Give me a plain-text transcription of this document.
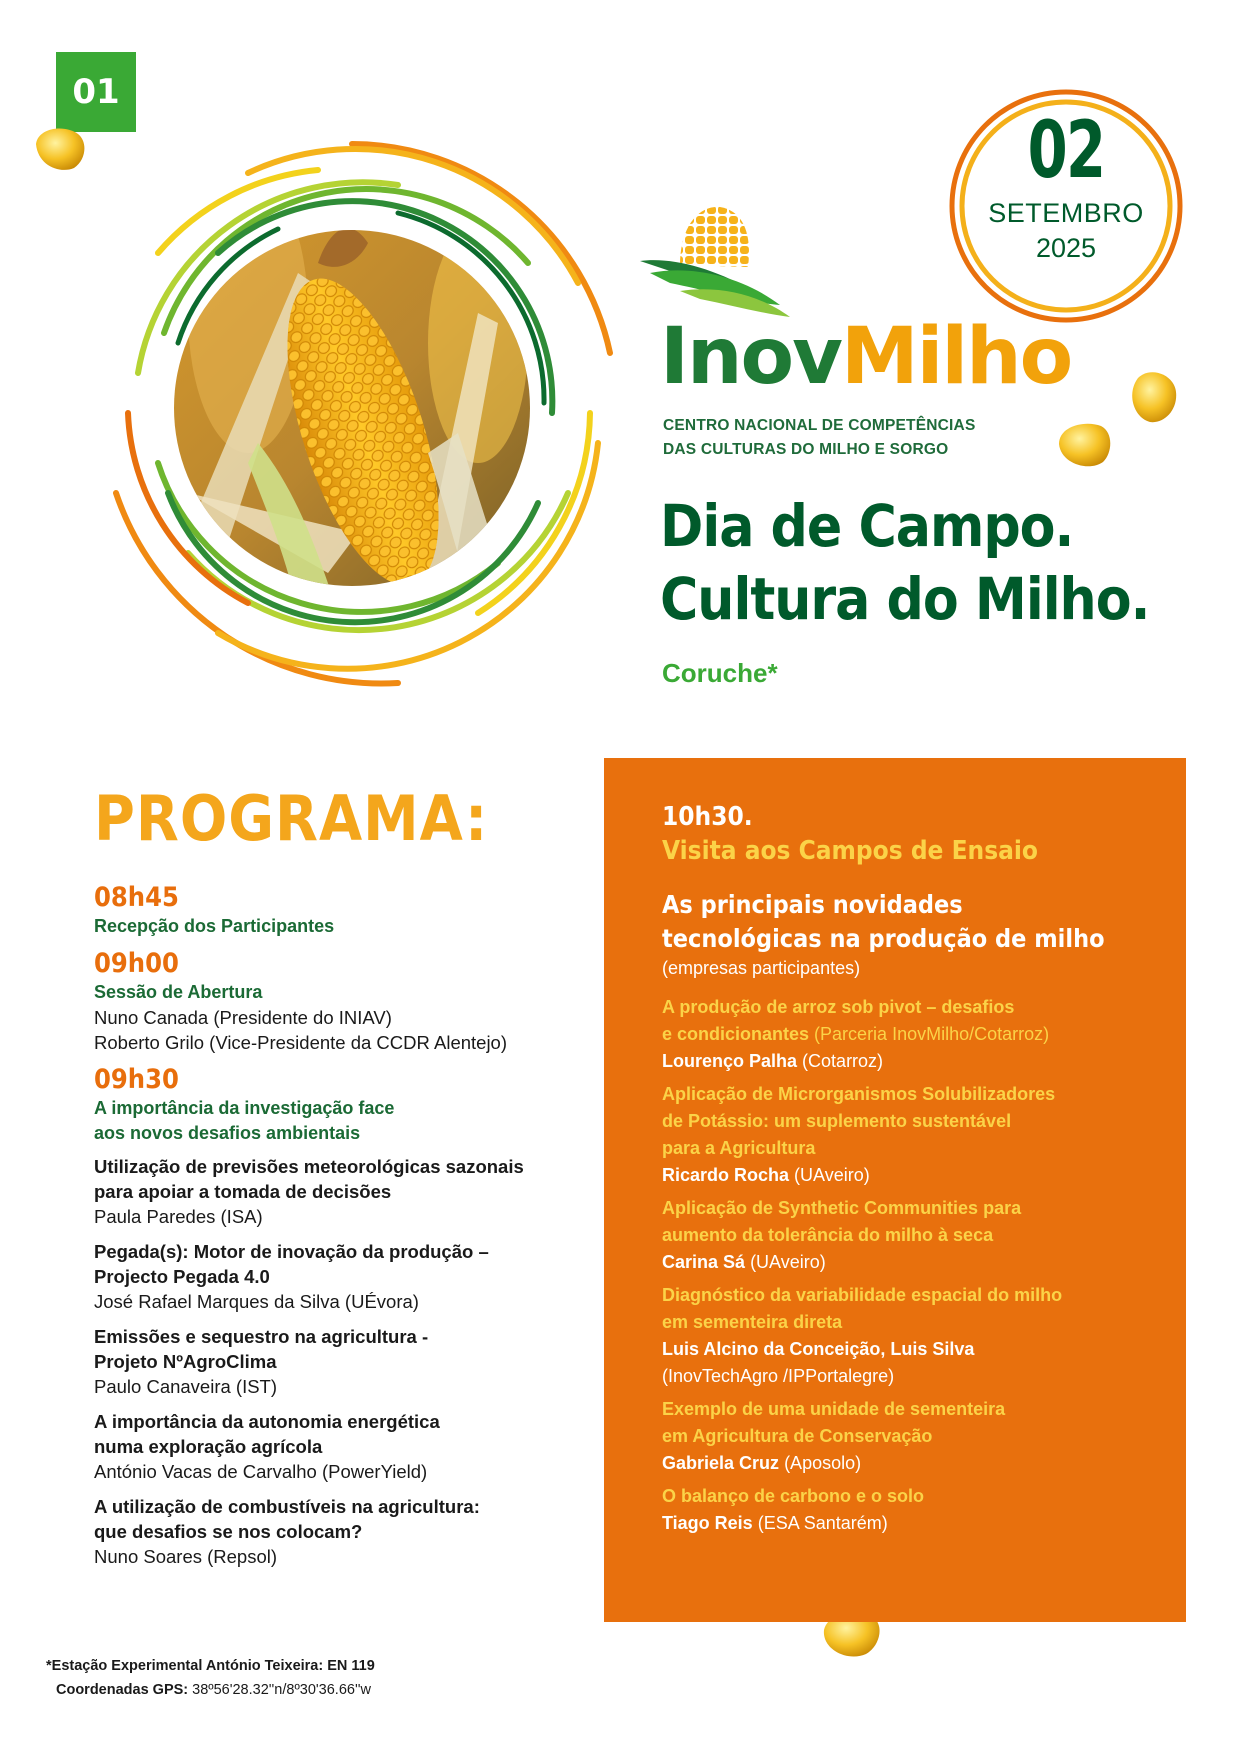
01
02
SETEMBRO
2025
InovMilho
CENTRO NACIONAL DE COMPETÊNCIAS
DAS CULTURAS DO MILHO E SORGO
Dia de Campo.
Cultura do Milho.
Coruche*
PROGRAMA:
08h45
Recepção dos Participantes
09h00
Sessão de Abertura
Nuno Canada (Presidente do INIAV)
Roberto Grilo (Vice-Presidente da CCDR Alentejo)
09h30
A importância da investigação face
aos novos desafios ambientais
Utilização de previsões meteorológicas sazonais
para apoiar a tomada de decisões
Paula Paredes (ISA)
Pegada(s): Motor de inovação da produção –
Projecto Pegada 4.0
José Rafael Marques da Silva (UÉvora)
Emissões e sequestro na agricultura -
Projeto NºAgroClima
Paulo Canaveira (IST)
A importância da autonomia energética
numa exploração agrícola
António Vacas de Carvalho (PowerYield)
A utilização de combustíveis na agricultura:
que desafios se nos colocam?
Nuno Soares (Repsol)
10h30.
Visita aos Campos de Ensaio
As principais novidades
tecnológicas na produção de milho
(empresas participantes)
A produção de arroz sob pivot – desafios
e condicionantes (Parceria InovMilho/Cotarroz)
Lourenço Palha (Cotarroz)
Aplicação de Microrganismos Solubilizadores
de Potássio: um suplemento sustentável
para a Agricultura
Ricardo Rocha (UAveiro)
Aplicação de Synthetic Communities para
aumento da tolerância do milho à seca
Carina Sá (UAveiro)
Diagnóstico da variabilidade espacial do milho
em sementeira direta
Luis Alcino da Conceição, Luis Silva
(InovTechAgro /IPPortalegre)
Exemplo de uma unidade de sementeira
em Agricultura de Conservação
Gabriela Cruz (Aposolo)
O balanço de carbono e o solo
Tiago Reis (ESA Santarém)
*Estação Experimental António Teixeira: EN 119
Coordenadas GPS: 38º56'28.32''n/8º30'36.66''w
